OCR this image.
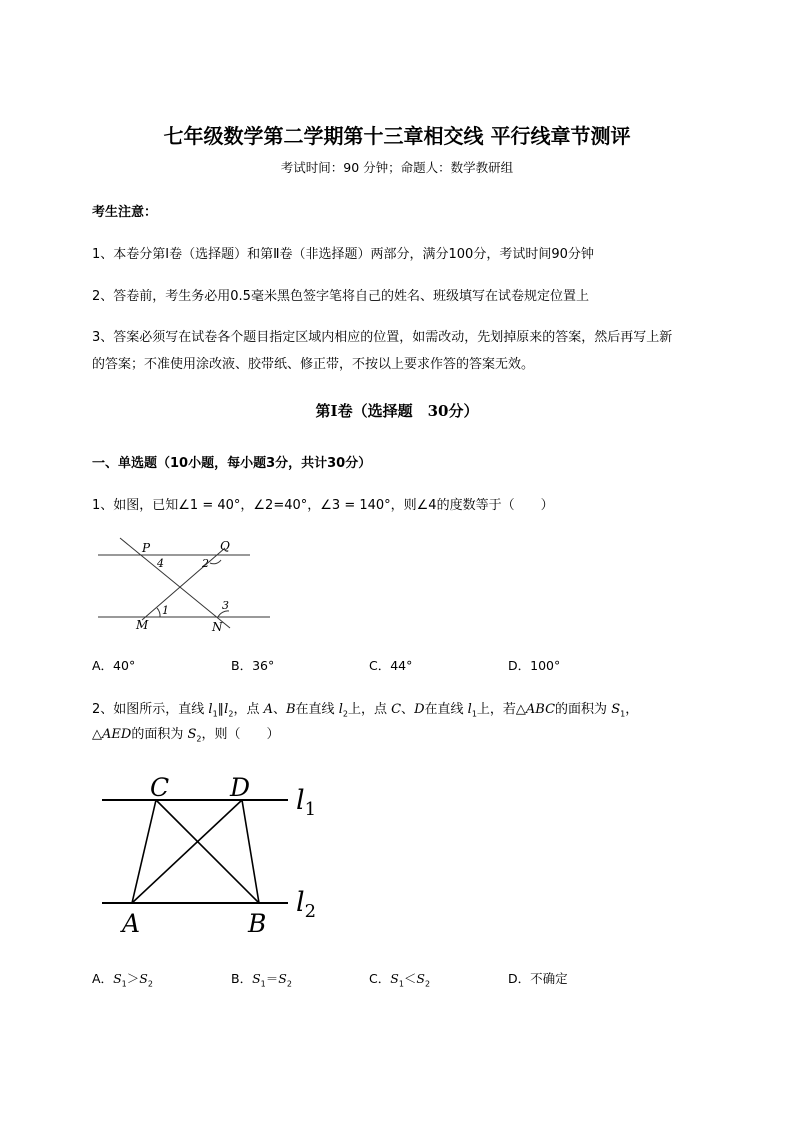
七年级数学第二学期第十三章相交线 平行线章节测评
考试时间：90 分钟；命题人：数学教研组
考生注意：
1、本卷分第Ⅰ卷（选择题）和第Ⅱ卷（非选择题）两部分，满分100分，考试时间90分钟
2、答卷前，考生务必用0.5毫米黑色签字笔将自己的姓名、班级填写在试卷规定位置上
3、答案必须写在试卷各个题目指定区域内相应的位置，如需改动，先划掉原来的答案，然后再写上新
的答案；不准使用涂改液、胶带纸、修正带，不按以上要求作答的答案无效。
第Ⅰ卷（选择题　30分）
一、单选题（10小题，每小题3分，共计30分）
1、如图，已知∠1 = 40°，∠2=40°，∠3 = 140°，则∠4的度数等于（　　）
P	Q
M	N
1
2
3
4
A．40°	B．36°	C．44°	D．100°
2、如图所示，直线 $l_1\parallel l_2$，点 A、B在直线 $l_2$上，点 C、D在直线 $l_1$上，若△ABC的面积为 $S_1$，
△AED的面积为 $S_2$，则（　　）
C D
A	B
$l_1$
$l_2$
A．$S_1>S_2$	B．$S_1=S_2$	C．$S_1<S_2$	D．不确定
